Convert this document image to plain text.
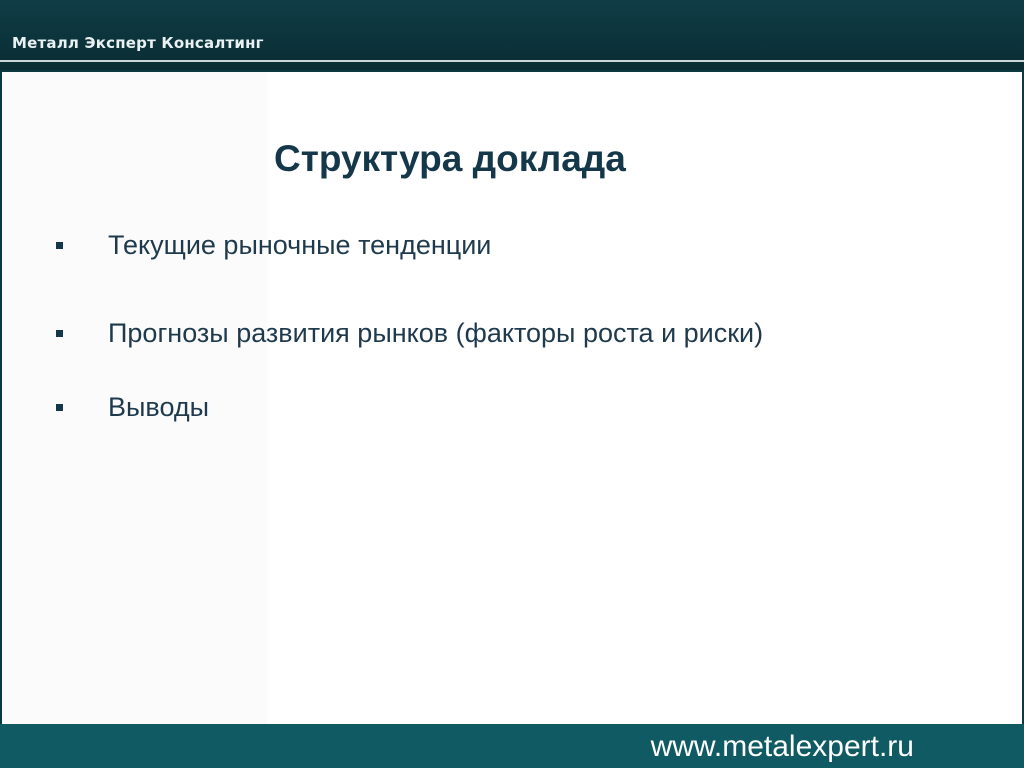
Металл Эксперт Консалтинг
Структура доклада
Текущие рыночные тенденции
Прогнозы развития рынков (факторы роста и риски)
Выводы
www.metalexpert.ru
